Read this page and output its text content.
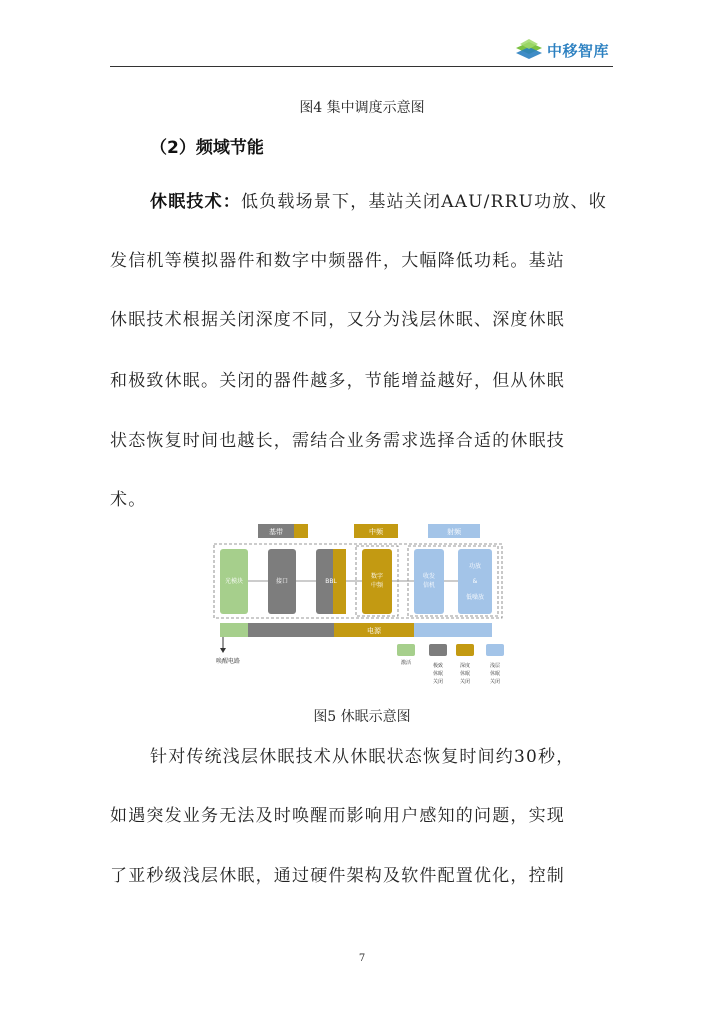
中移智库
图4 集中调度示意图
（2）频域节能
休眠技术：低负载场景下，基站关闭AAU/RRU功放、收
发信机等模拟器件和数字中频器件，大幅降低功耗。基站
休眠技术根据关闭深度不同，又分为浅层休眠、深度休眠
和极致休眠。关闭的器件越多，节能增益越好，但从休眠
状态恢复时间也越长，需结合业务需求选择合适的休眠技
术。
基带	中频	射频
光模块	接口	BBL
数字
中频
收发
信机
功放
&
低噪放
电源
唤醒电路	激活	极致
休眠
关闭
深度
休眠
关闭
浅层
休眠
关闭
图5 休眠示意图
针对传统浅层休眠技术从休眠状态恢复时间约30秒，
如遇突发业务无法及时唤醒而影响用户感知的问题，实现
了亚秒级浅层休眠，通过硬件架构及软件配置优化，控制
7
